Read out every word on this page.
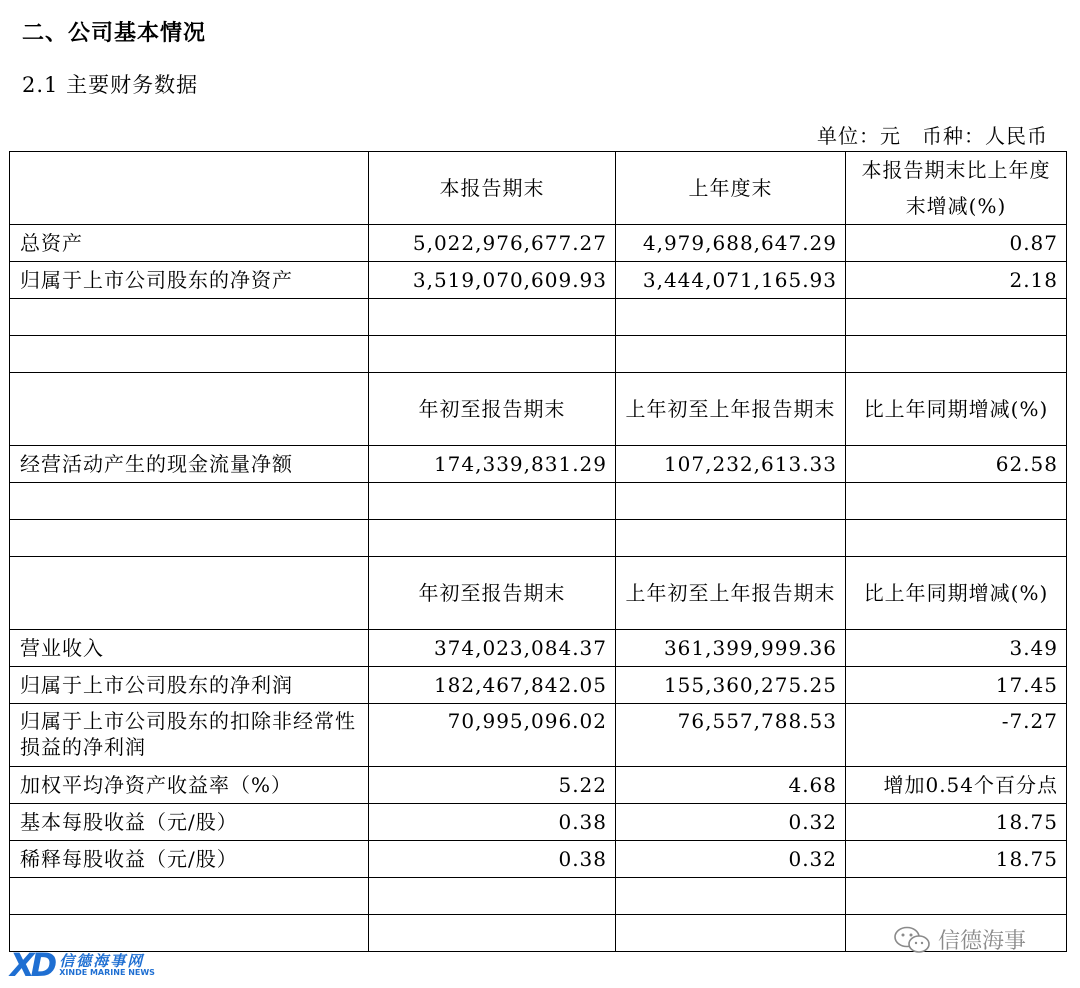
二、公司基本情况
2.1 主要财务数据
单位：元　币种：人民币
	本报告期末	上年度末	本报告期末比上年度末增减(%)
总资产	5,022,976,677.27	4,979,688,647.29	0.87
归属于上市公司股东的净资产	3,519,070,609.93	3,444,071,165.93	2.18

	年初至报告期末	上年初至上年报告期末	比上年同期增减(%)
经营活动产生的现金流量净额	174,339,831.29	107,232,613.33	62.58

	年初至报告期末	上年初至上年报告期末	比上年同期增减(%)
营业收入	374,023,084.37	361,399,999.36	3.49
归属于上市公司股东的净利润	182,467,842.05	155,360,275.25	17.45
归属于上市公司股东的扣除非经常性损益的净利润	70,995,096.02	76,557,788.53	-7.27
加权平均净资产收益率（%）	5.22	4.68	增加0.54个百分点
基本每股收益（元/股）	0.38	0.32	18.75
稀释每股收益（元/股）	0.38	0.32	18.75

XD 信德海事网
XINDE MARINE NEWS
信德海事
